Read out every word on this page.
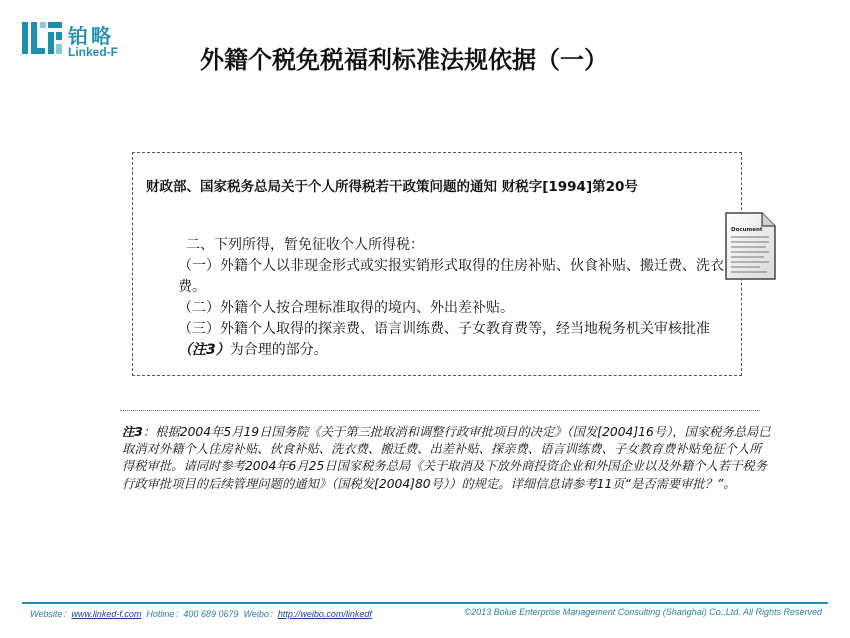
铂略
Linked-F	外籍个税免税福利标准法规依据（一）
财政部、国家税务总局关于个人所得税若干政策问题的通知 财税字[1994]第20号

二、下列所得，暂免征收个人所得税：

（一）外籍个人以非现金形式或实报实销形式取得的住房补贴、伙食补贴、搬迁费、洗衣费。

（二）外籍个人按合理标准取得的境内、外出差补贴。

（三）外籍个人取得的探亲费、语言训练费、子女教育费等，经当地税务机关审核批准（注3）为合理的部分。

Document
注3：根据2004年5月19日国务院《关于第三批取消和调整行政审批项目的决定》（国发[2004]16号），国家税务总局已取消对外籍个人住房补贴、伙食补贴、洗衣费、搬迁费、出差补贴、探亲费、语言训练费、子女教育费补贴免征个人所得税审批。请同时参考2004年6月25日国家税务总局《关于取消及下放外商投资企业和外国企业以及外籍个人若干税务行政审批项目的后续管理问题的通知》（国税发[2004]80号））的规定。详细信息请参考11页“是否需要审批？”。
Website：www.linked-f.com Hotline：400 689 0679 Weibo：http://weibo.com/linkedf	©2013 Bolue Enterprise Management Consulting (Shanghai) Co.,Ltd. All Rights Reserved
